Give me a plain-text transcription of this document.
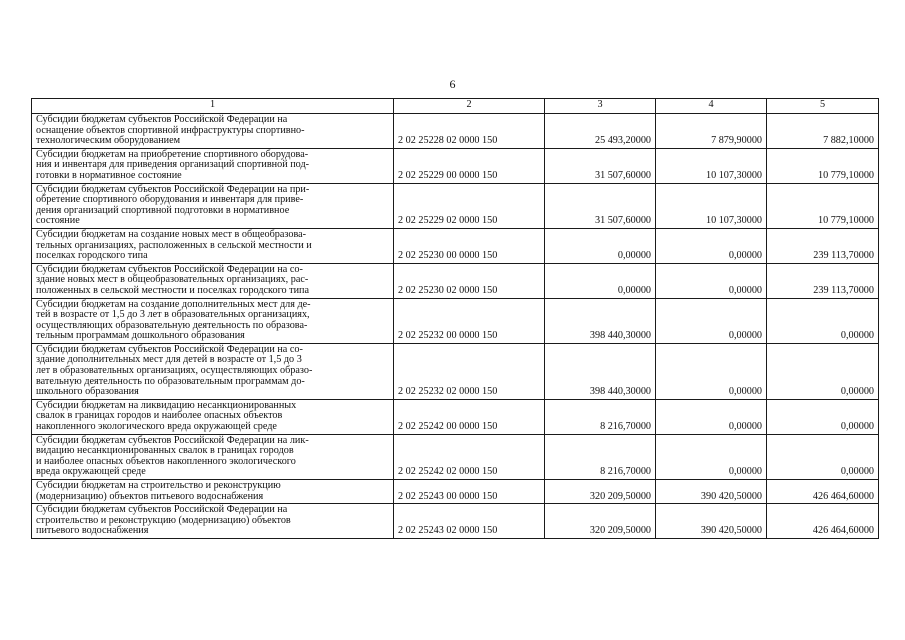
6
1	2	3	4	5

Субсидии бюджетам субъектов Российской Федерации на
оснащение объектов спортивной инфраструктуры спортивно-
технологическим оборудованием	2 02 25228 02 0000 150	25 493,20000	7 879,90000	7 882,10000

Субсидии бюджетам на приобретение спортивного оборудова-
ния и инвентаря для приведения организаций спортивной под-
готовки в нормативное состояние	2 02 25229 00 0000 150	31 507,60000	10 107,30000	10 779,10000

Субсидии бюджетам субъектов Российской Федерации на при-
обретение спортивного оборудования и инвентаря для приве-
дения организаций спортивной подготовки в нормативное
состояние	2 02 25229 02 0000 150	31 507,60000	10 107,30000	10 779,10000

Субсидии бюджетам на создание новых мест в общеобразова-
тельных организациях, расположенных в сельской местности и
поселках городского типа	2 02 25230 00 0000 150	0,00000	0,00000	239 113,70000

Субсидии бюджетам субъектов Российской Федерации на со-
здание новых мест в общеобразовательных организациях, рас-
положенных в сельской местности и поселках городского типа	2 02 25230 02 0000 150	0,00000	0,00000	239 113,70000

Субсидии бюджетам на создание дополнительных мест для де-
тей в возрасте от 1,5 до 3 лет в образовательных организациях,
осуществляющих образовательную деятельность по образова-
тельным программам дошкольного образования	2 02 25232 00 0000 150	398 440,30000	0,00000	0,00000

Субсидии бюджетам субъектов Российской Федерации на со-
здание дополнительных мест для детей в возрасте от 1,5 до 3
лет в образовательных организациях, осуществляющих образо-
вательную деятельность по образовательным программам до-
школьного образования	2 02 25232 02 0000 150	398 440,30000	0,00000	0,00000

Субсидии бюджетам на ликвидацию несанкционированных
свалок в границах городов и наиболее опасных объектов
накопленного экологического вреда окружающей среде	2 02 25242 00 0000 150	8 216,70000	0,00000	0,00000

Субсидии бюджетам субъектов Российской Федерации на лик-
видацию несанкционированных свалок в границах городов
и наиболее опасных объектов накопленного экологического
вреда окружающей среде	2 02 25242 02 0000 150	8 216,70000	0,00000	0,00000

Субсидии бюджетам на строительство и реконструкцию
(модернизацию) объектов питьевого водоснабжения	2 02 25243 00 0000 150	320 209,50000	390 420,50000	426 464,60000

Субсидии бюджетам субъектов Российской Федерации на
строительство и реконструкцию (модернизацию) объектов
питьевого водоснабжения	2 02 25243 02 0000 150	320 209,50000	390 420,50000	426 464,60000
